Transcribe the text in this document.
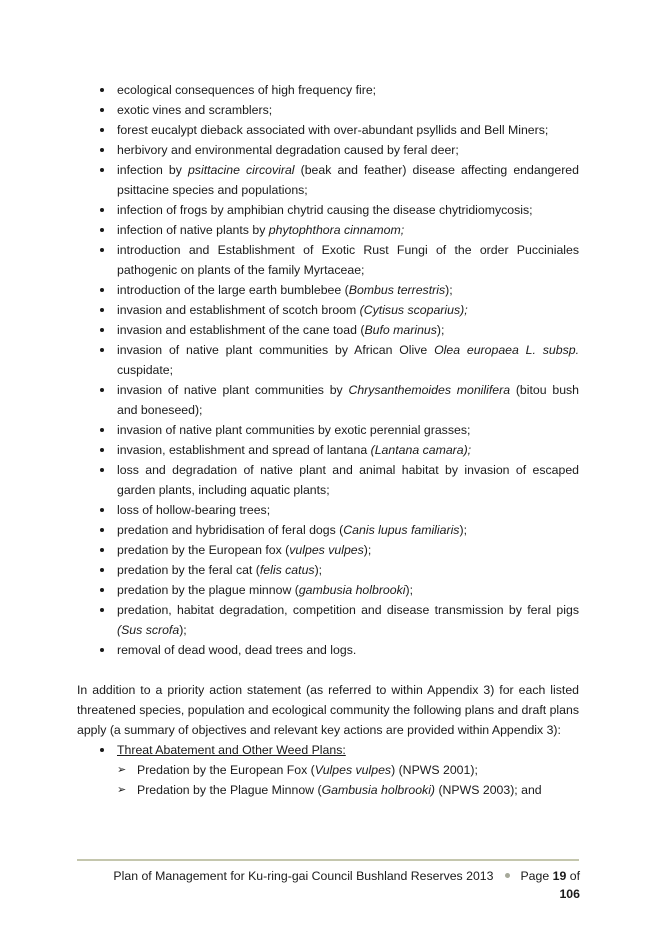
ecological consequences of high frequency fire;
exotic vines and scramblers;
forest eucalypt dieback associated with over-abundant psyllids and Bell Miners;
herbivory and environmental degradation caused by feral deer;
infection by psittacine circoviral (beak and feather) disease affecting endangered psittacine species and populations;
infection of frogs by amphibian chytrid causing the disease chytridiomycosis;
infection of native plants by phytophthora cinnamom;
introduction and Establishment of Exotic Rust Fungi of the order Pucciniales pathogenic on plants of the family Myrtaceae;
introduction of the large earth bumblebee (Bombus terrestris);
invasion and establishment of scotch broom (Cytisus scoparius);
invasion and establishment of the cane toad (Bufo marinus);
invasion of native plant communities by African Olive Olea europaea L. subsp. cuspidate;
invasion of native plant communities by Chrysanthemoides monilifera (bitou bush and boneseed);
invasion of native plant communities by exotic perennial grasses;
invasion, establishment and spread of lantana (Lantana camara);
loss and degradation of native plant and animal habitat by invasion of escaped garden plants, including aquatic plants;
loss of hollow-bearing trees;
predation and hybridisation of feral dogs (Canis lupus familiaris);
predation by the European fox (vulpes vulpes);
predation by the feral cat (felis catus);
predation by the plague minnow (gambusia holbrooki);
predation, habitat degradation, competition and disease transmission by feral pigs (Sus scrofa);
removal of dead wood, dead trees and logs.

In addition to a priority action statement (as referred to within Appendix 3) for each listed threatened species, population and ecological community the following plans and draft plans apply (a summary of objectives and relevant key actions are provided within Appendix 3):

Threat Abatement and Other Weed Plans:
➢ Predation by the European Fox (Vulpes vulpes) (NPWS 2001);
➢ Predation by the Plague Minnow (Gambusia holbrooki) (NPWS 2003); and
Plan of Management for Ku-ring-gai Council Bushland Reserves 2013 Page 19 of 106
